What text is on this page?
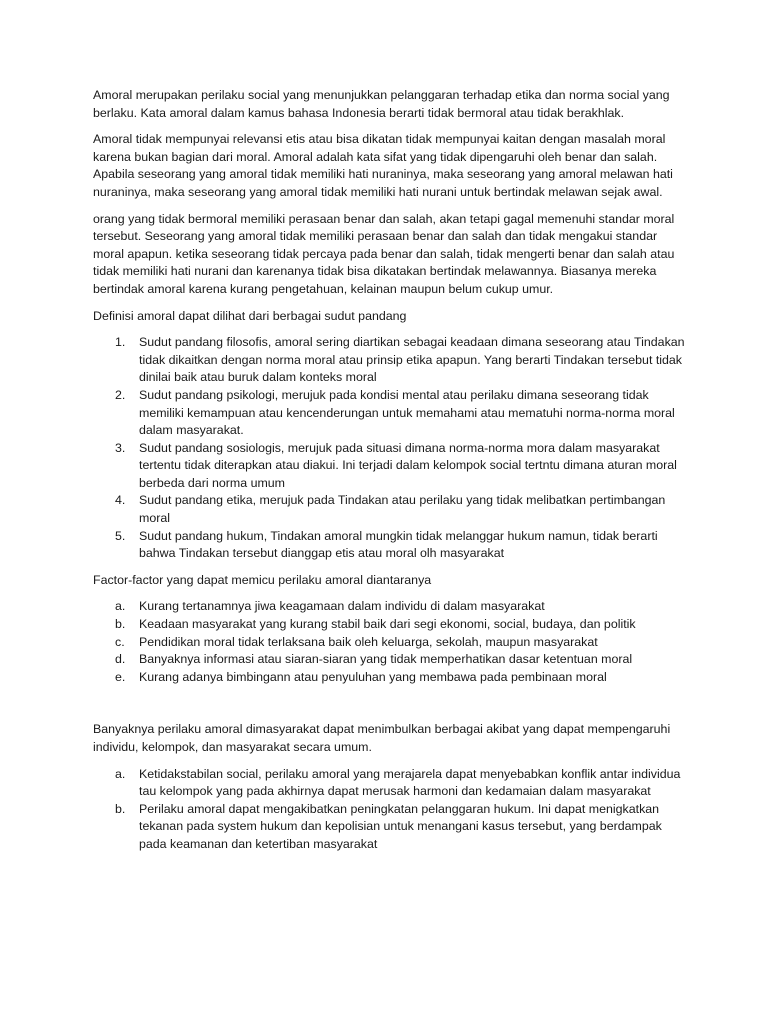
Amoral merupakan perilaku social yang menunjukkan pelanggaran terhadap etika dan norma social yang berlaku. Kata amoral dalam kamus bahasa Indonesia berarti tidak bermoral atau tidak berakhlak.

Amoral tidak mempunyai relevansi etis atau bisa dikatan tidak mempunyai kaitan dengan masalah moral karena bukan bagian dari moral. Amoral adalah kata sifat yang tidak dipengaruhi oleh benar dan salah. Apabila seseorang yang amoral tidak memiliki hati nuraninya, maka seseorang yang amoral melawan hati nuraninya, maka seseorang yang amoral tidak memiliki hati nurani untuk bertindak melawan sejak awal.

orang yang tidak bermoral memiliki perasaan benar dan salah, akan tetapi gagal memenuhi standar moral tersebut. Seseorang yang amoral tidak memiliki perasaan benar dan salah dan tidak mengakui standar moral apapun. ketika seseorang tidak percaya pada benar dan salah, tidak mengerti benar dan salah atau tidak memiliki hati nurani dan karenanya tidak bisa dikatakan bertindak melawannya. Biasanya mereka bertindak amoral karena kurang pengetahuan, kelainan maupun belum cukup umur.

Definisi amoral dapat dilihat dari berbagai sudut pandang

1. Sudut pandang filosofis, amoral sering diartikan sebagai keadaan dimana seseorang atau Tindakan tidak dikaitkan dengan norma moral atau prinsip etika apapun. Yang berarti Tindakan tersebut tidak dinilai baik atau buruk dalam konteks moral
2. Sudut pandang psikologi, merujuk pada kondisi mental atau perilaku dimana seseorang tidak memiliki kemampuan atau kencenderungan untuk memahami atau mematuhi norma-norma moral dalam masyarakat.
3. Sudut pandang sosiologis, merujuk pada situasi dimana norma-norma mora dalam masyarakat tertentu tidak diterapkan atau diakui. Ini terjadi dalam kelompok social tertntu dimana aturan moral berbeda dari norma umum
4. Sudut pandang etika, merujuk pada Tindakan atau perilaku yang tidak melibatkan pertimbangan moral
5. Sudut pandang hukum, Tindakan amoral mungkin tidak melanggar hukum namun, tidak berarti bahwa Tindakan tersebut dianggap etis atau moral olh masyarakat

Factor-factor yang dapat memicu perilaku amoral diantaranya

a. Kurang tertanamnya jiwa keagamaan dalam individu di dalam masyarakat
b. Keadaan masyarakat yang kurang stabil baik dari segi ekonomi, social, budaya, dan politik
c. Pendidikan moral tidak terlaksana baik oleh keluarga, sekolah, maupun masyarakat
d. Banyaknya informasi atau siaran-siaran yang tidak memperhatikan dasar ketentuan moral
e. Kurang adanya bimbingann atau penyuluhan yang membawa pada pembinaan moral

Banyaknya perilaku amoral dimasyarakat dapat menimbulkan berbagai akibat yang dapat mempengaruhi individu, kelompok, dan masyarakat secara umum.

a. Ketidakstabilan social, perilaku amoral yang merajarela dapat menyebabkan konflik antar individua tau kelompok yang pada akhirnya dapat merusak harmoni dan kedamaian dalam masyarakat
b. Perilaku amoral dapat mengakibatkan peningkatan pelanggaran hukum. Ini dapat menigkatkan tekanan pada system hukum dan kepolisian untuk menangani kasus tersebut, yang berdampak pada keamanan dan ketertiban masyarakat
